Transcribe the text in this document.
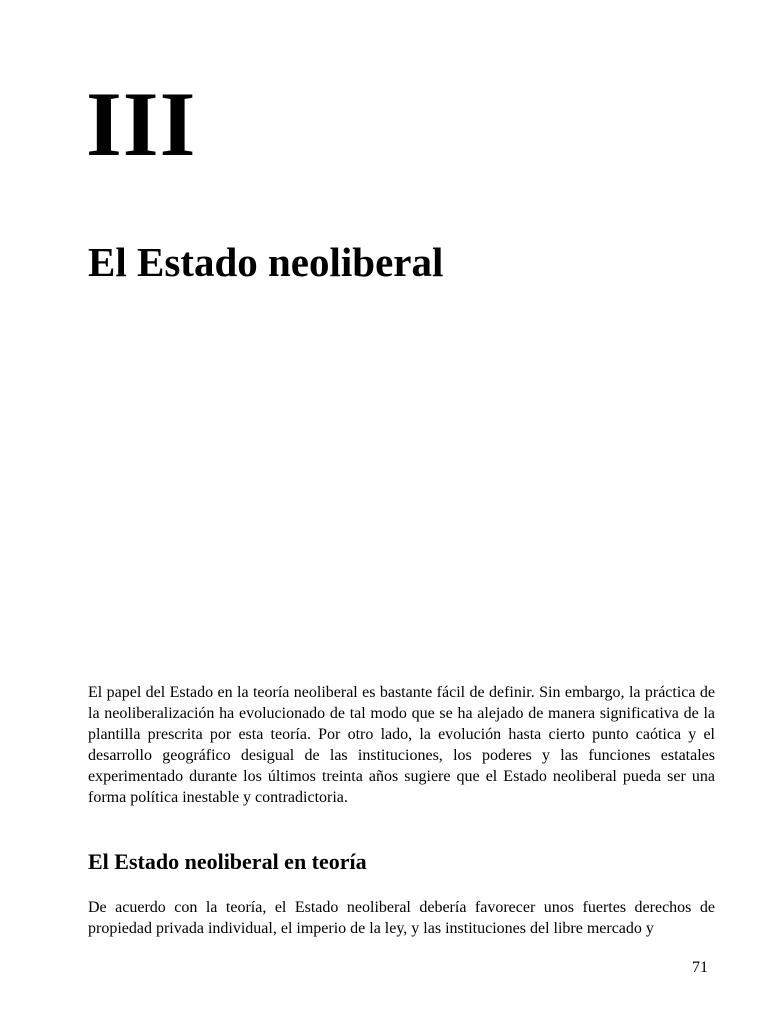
III
El Estado neoliberal

El papel del Estado en la teoría neoliberal es bastante fácil de definir. Sin embargo, la práctica de la neoliberalización ha evolucionado de tal modo que se ha alejado de manera significativa de la plantilla prescrita por esta teoría. Por otro lado, la evolución hasta cierto punto caótica y el desarrollo geográfico desigual de las instituciones, los poderes y las funciones estatales experimentado durante los últimos treinta años sugiere que el Estado neoliberal pueda ser una forma política inestable y contradictoria.

El Estado neoliberal en teoría

De acuerdo con la teoría, el Estado neoliberal debería favorecer unos fuertes derechos de propiedad privada individual, el imperio de la ley, y las instituciones del libre mercado y

71
